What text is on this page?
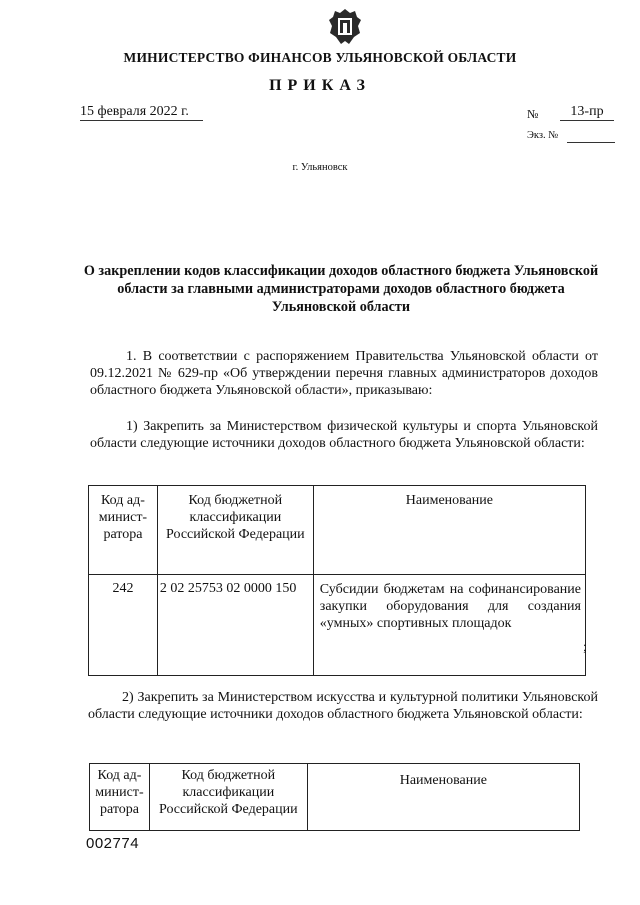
МИНИСТЕРСТВО ФИНАНСОВ УЛЬЯНОВСКОЙ ОБЛАСТИ
ПРИКАЗ
15 февраля 2022 г.	№	13-пр
Экз. №
г. Ульяновск
О закреплении кодов классификации доходов областного бюджета Ульяновской области за главными администраторами доходов областного бюджета Ульяновской области
1. В соответствии с распоряжением Правительства Ульяновской области от 09.12.2021 № 629-пр «Об утверждении перечня главных администраторов доходов областного бюджета Ульяновской области», приказываю:
1) Закрепить за Министерством физической культуры и спорта Ульяновской области следующие источники доходов областного бюджета Ульяновской области:
Код ад-минист-ратора	Код бюджетной классификации Российской Федерации	Наименование
242	2 02 25753 02 0000 150	Субсидии бюджетам на софинансирование закупки оборудования для создания «умных» спортивных площадок
;
2) Закрепить за Министерством искусства и культурной политики Ульяновской области следующие источники доходов областного бюджета Ульяновской области:
Код ад-минист-ратора	Код бюджетной классификации Российской Федерации	Наименование
002774
